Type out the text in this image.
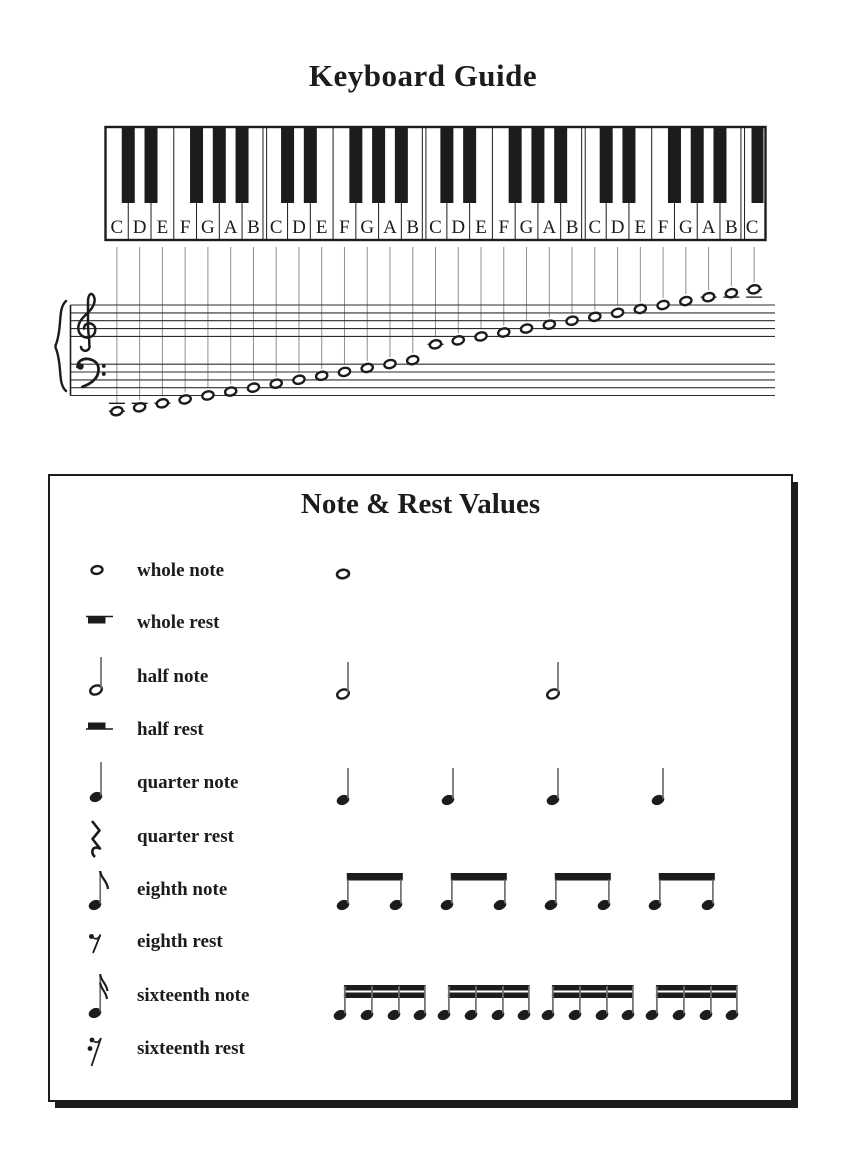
Keyboard Guide
C D E F G A B C D E F G A B C D E F G A B C D E F G A B C
Note & Rest Values
whole note
whole rest
half note
half rest
quarter note
quarter rest
eighth note
eighth rest
sixteenth note
sixteenth rest
